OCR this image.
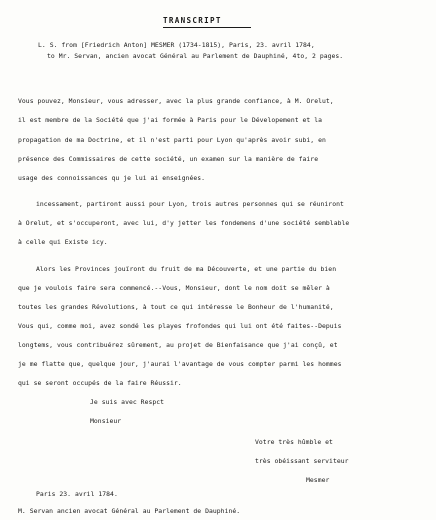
TRANSCRIPT
L. S. from [Friedrich Anton] MESMER (1734-1815), Paris, 23. avril 1784,
to Mr. Servan, ancien avocat Général au Parlement de Dauphiné, 4to, 2 pages.
Vous pouvez, Monsieur, vous adresser, avec la plus grande confiance, à M. Orelut,
il est membre de la Société que j'ai formée à Paris pour le Dévelopement et la
propagation de ma Doctrine, et il n'est parti pour Lyon qu'après avoir subi, en
présence des Commissaires de cette société, un examen sur la manière de faire
usage des connoissances qu je lui ai enseignées.
incessament, partiront aussi pour Lyon, trois autres personnes qui se réuniront
à Orelut, et s'occuperont, avec lui, d'y jetter les fondemens d'une société semblable
à celle qui Existe icy.
Alors les Provinces jouïront du fruit de ma Découverte, et une partie du bien
que je voulois faire sera commencé.--Vous, Monsieur, dont le nom doit se mêler à
toutes les grandes Révolutions, à tout ce qui intéresse le Bonheur de l'humanité,
Vous qui, comme moi, avez sondé les playes frofondes qui lui ont été faites--Depuis
longtems, vous contribuérez sûrement, au projet de Bienfaisance que j'ai conçû, et
je me flatte que, quelque jour, j'aurai l'avantage de vous compter parmi les hommes
qui se seront occupés de la faire Réussir.
Je suis avec Respct
Monsieur
Votre très hûmble et
très obéissant serviteur
Mesmer
Paris 23. avril 1784.
M. Servan ancien avocat Général au Parlement de Dauphiné.
